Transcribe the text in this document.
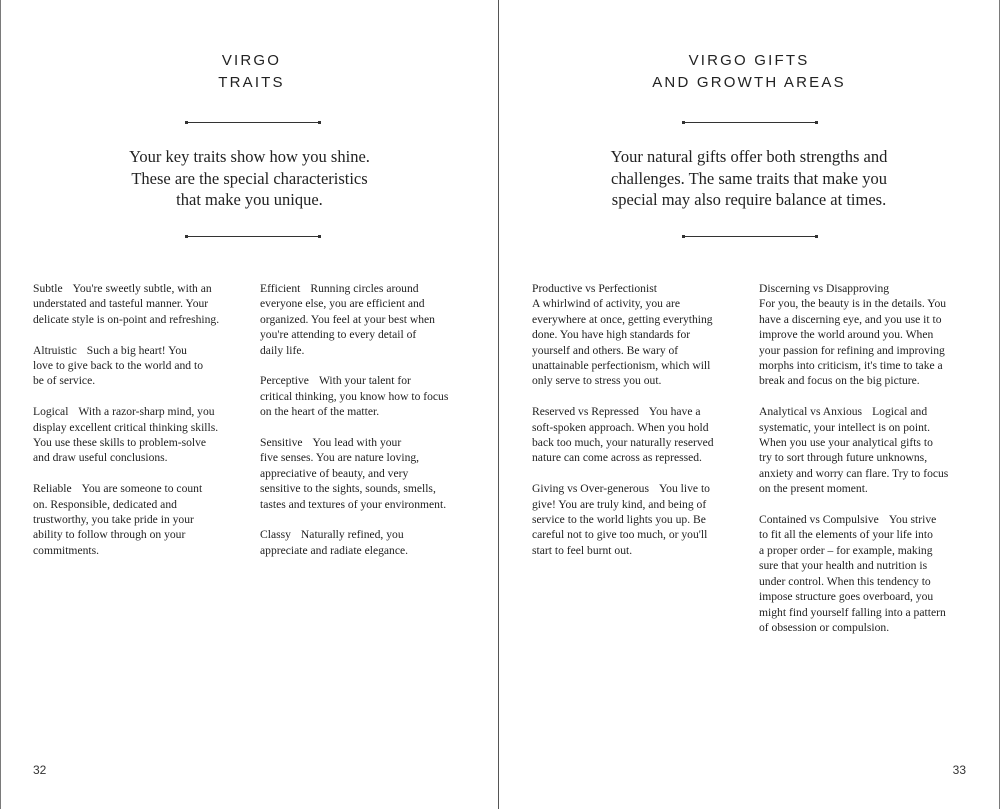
VIRGO
TRAITS
Your key traits show how you shine.
These are the special characteristics
that make you unique.
Subtle You're sweetly subtle, with an
understated and tasteful manner. Your
delicate style is on-point and refreshing.
Altruistic Such a big heart! You
love to give back to the world and to
be of service.
Logical With a razor-sharp mind, you
display excellent critical thinking skills.
You use these skills to problem-solve
and draw useful conclusions.
Reliable You are someone to count
on. Responsible, dedicated and
trustworthy, you take pride in your
ability to follow through on your
commitments.
Efficient Running circles around
everyone else, you are efficient and
organized. You feel at your best when
you're attending to every detail of
daily life.
Perceptive With your talent for
critical thinking, you know how to focus
on the heart of the matter.
Sensitive You lead with your
five senses. You are nature loving,
appreciative of beauty, and very
sensitive to the sights, sounds, smells,
tastes and textures of your environment.
Classy Naturally refined, you
appreciate and radiate elegance.
32
VIRGO GIFTS
AND GROWTH AREAS
Your natural gifts offer both strengths and
challenges. The same traits that make you
special may also require balance at times.
Productive vs Perfectionist
A whirlwind of activity, you are
everywhere at once, getting everything
done. You have high standards for
yourself and others. Be wary of
unattainable perfectionism, which will
only serve to stress you out.
Reserved vs Repressed You have a
soft-spoken approach. When you hold
back too much, your naturally reserved
nature can come across as repressed.
Giving vs Over-generous You live to
give! You are truly kind, and being of
service to the world lights you up. Be
careful not to give too much, or you'll
start to feel burnt out.
Discerning vs Disapproving
For you, the beauty is in the details. You
have a discerning eye, and you use it to
improve the world around you. When
your passion for refining and improving
morphs into criticism, it's time to take a
break and focus on the big picture.
Analytical vs Anxious Logical and
systematic, your intellect is on point.
When you use your analytical gifts to
try to sort through future unknowns,
anxiety and worry can flare. Try to focus
on the present moment.
Contained vs Compulsive You strive
to fit all the elements of your life into
a proper order – for example, making
sure that your health and nutrition is
under control. When this tendency to
impose structure goes overboard, you
might find yourself falling into a pattern
of obsession or compulsion.
33
